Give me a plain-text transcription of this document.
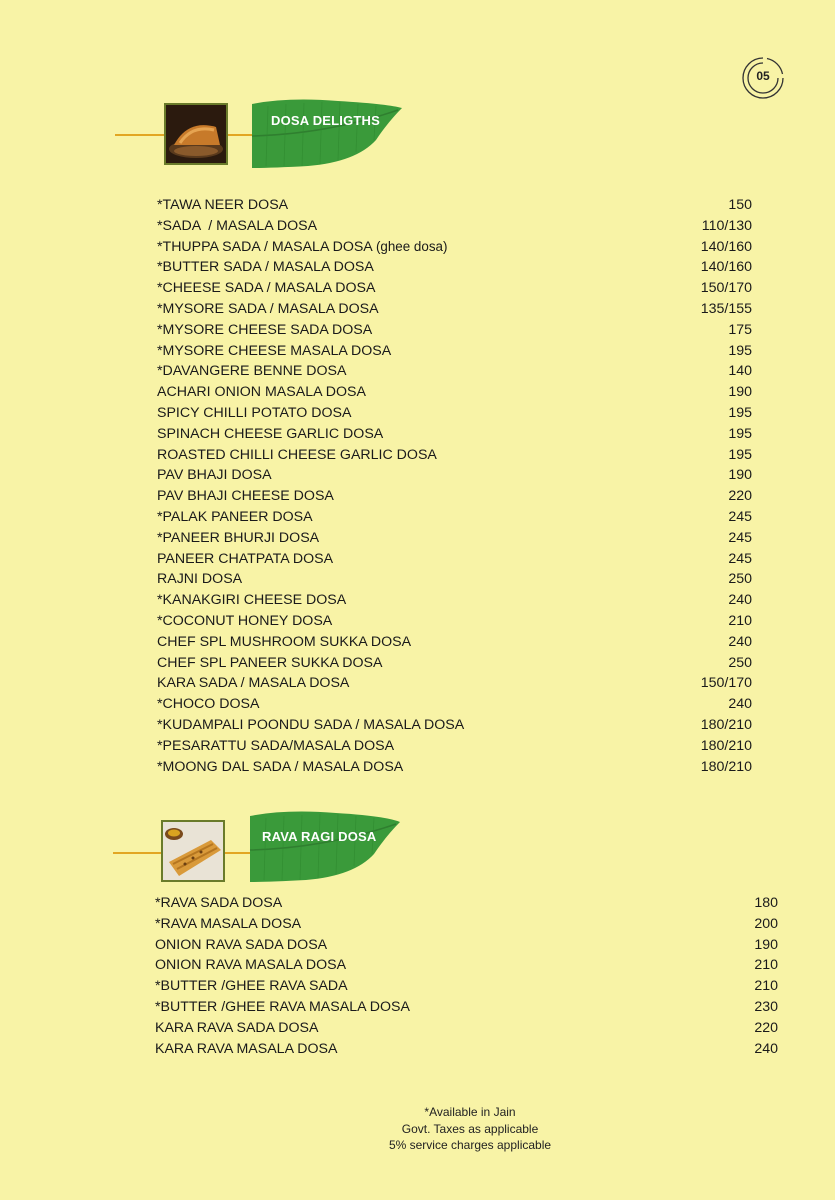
05
DOSA DELIGTHS
*TAWA NEER DOSA	150
*SADA  / MASALA DOSA	110/130
*THUPPA SADA / MASALA DOSA (ghee dosa)	140/160
*BUTTER SADA / MASALA DOSA	140/160
*CHEESE SADA / MASALA DOSA	150/170
*MYSORE SADA / MASALA DOSA	135/155
*MYSORE CHEESE SADA DOSA	175
*MYSORE CHEESE MASALA DOSA	195
*DAVANGERE BENNE DOSA	140
ACHARI ONION MASALA DOSA	190
SPICY CHILLI POTATO DOSA	195
SPINACH CHEESE GARLIC DOSA	195
ROASTED CHILLI CHEESE GARLIC DOSA	195
PAV BHAJI DOSA	190
PAV BHAJI CHEESE DOSA	220
*PALAK PANEER DOSA	245
*PANEER BHURJI DOSA	245
PANEER CHATPATA DOSA	245
RAJNI DOSA	250
*KANAKGIRI CHEESE DOSA	240
*COCONUT HONEY DOSA	210
CHEF SPL MUSHROOM SUKKA DOSA	240
CHEF SPL PANEER SUKKA DOSA	250
KARA SADA / MASALA DOSA	150/170
*CHOCO DOSA	240
*KUDAMPALI POONDU SADA / MASALA DOSA	180/210
*PESARATTU SADA/MASALA DOSA	180/210
*MOONG DAL SADA / MASALA DOSA	180/210
RAVA RAGI DOSA
*RAVA SADA DOSA	180
*RAVA MASALA DOSA	200
ONION RAVA SADA DOSA	190
ONION RAVA MASALA DOSA	210
*BUTTER /GHEE RAVA SADA	210
*BUTTER /GHEE RAVA MASALA DOSA	230
KARA RAVA SADA DOSA	220
KARA RAVA MASALA DOSA	240
*Available in Jain
Govt. Taxes as applicable
5% service charges applicable
